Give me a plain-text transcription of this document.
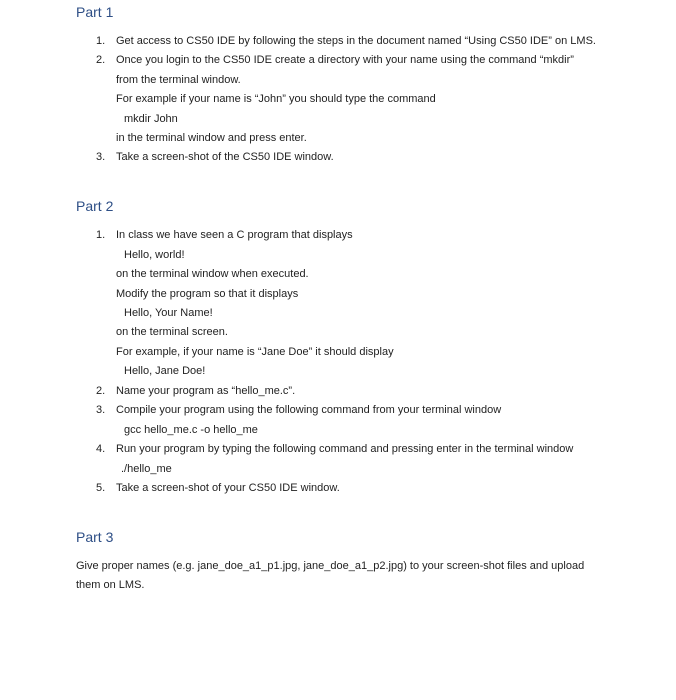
Part 1
1. Get access to CS50 IDE by following the steps in the document named “Using CS50 IDE” on LMS.
2. Once you login to the CS50 IDE create a directory with your name using the command “mkdir”
from the terminal window.
For example if your name is “John” you should type the command
mkdir John
in the terminal window and press enter.
3. Take a screen-shot of the CS50 IDE window.
Part 2
1. In class we have seen a C program that displays
Hello, world!
on the terminal window when executed.
Modify the program so that it displays
Hello, Your Name!
on the terminal screen.
For example, if your name is “Jane Doe” it should display
Hello, Jane Doe!
2. Name your program as “hello_me.c”.
3. Compile your program using the following command from your terminal window
gcc hello_me.c -o hello_me
4. Run your program by typing the following command and pressing enter in the terminal window
./hello_me
5. Take a screen-shot of your CS50 IDE window.
Part 3
Give proper names (e.g. jane_doe_a1_p1.jpg, jane_doe_a1_p2.jpg) to your screen-shot files and upload
them on LMS.
